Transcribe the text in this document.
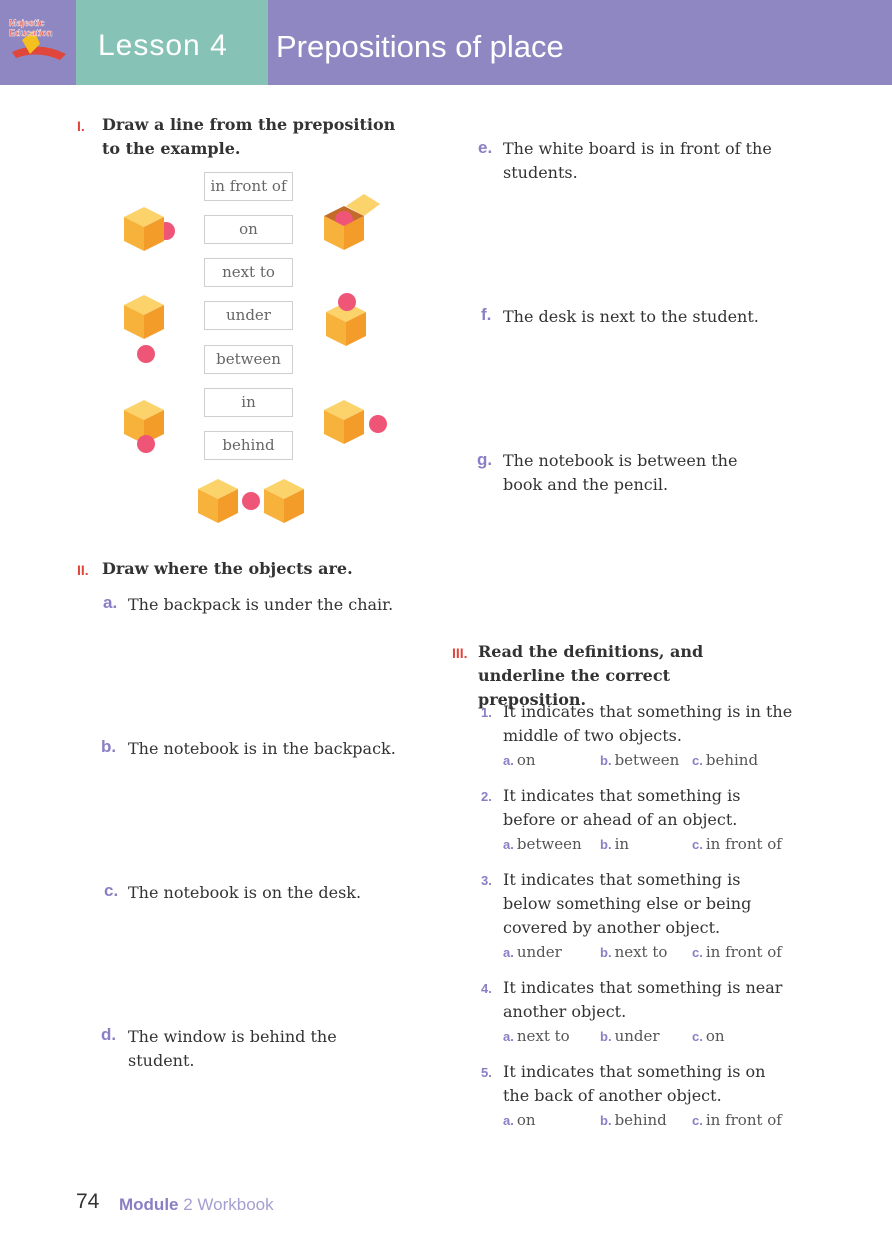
Majestic
Education Lesson 4 Prepositions of place
I. Draw a line from the preposition to the example.
in front of
on
next to
under
between
in
behind
II. Draw where the objects are.
a. The backpack is under the chair.
b. The notebook is in the backpack.
c. The notebook is on the desk.
d. The window is behind the student.
e. The white board is in front of the students.
f. The desk is next to the student.
g. The notebook is between the book and the pencil.
III. Read the definitions, and underline the correct preposition.
1. It indicates that something is in the middle of two objects.
a. on	b. between c. behind
2. It indicates that something is before or ahead of an object.
a. between b. in	c. in front of
3. It indicates that something is below something else or being covered by another object.
a. under	b. next to c. in front of
4. It indicates that something is near another object.
a. next to b. under c. on
5. It indicates that something is on the back of another object.
a. on	b. behind c. in front of
74 Module 2 Workbook
